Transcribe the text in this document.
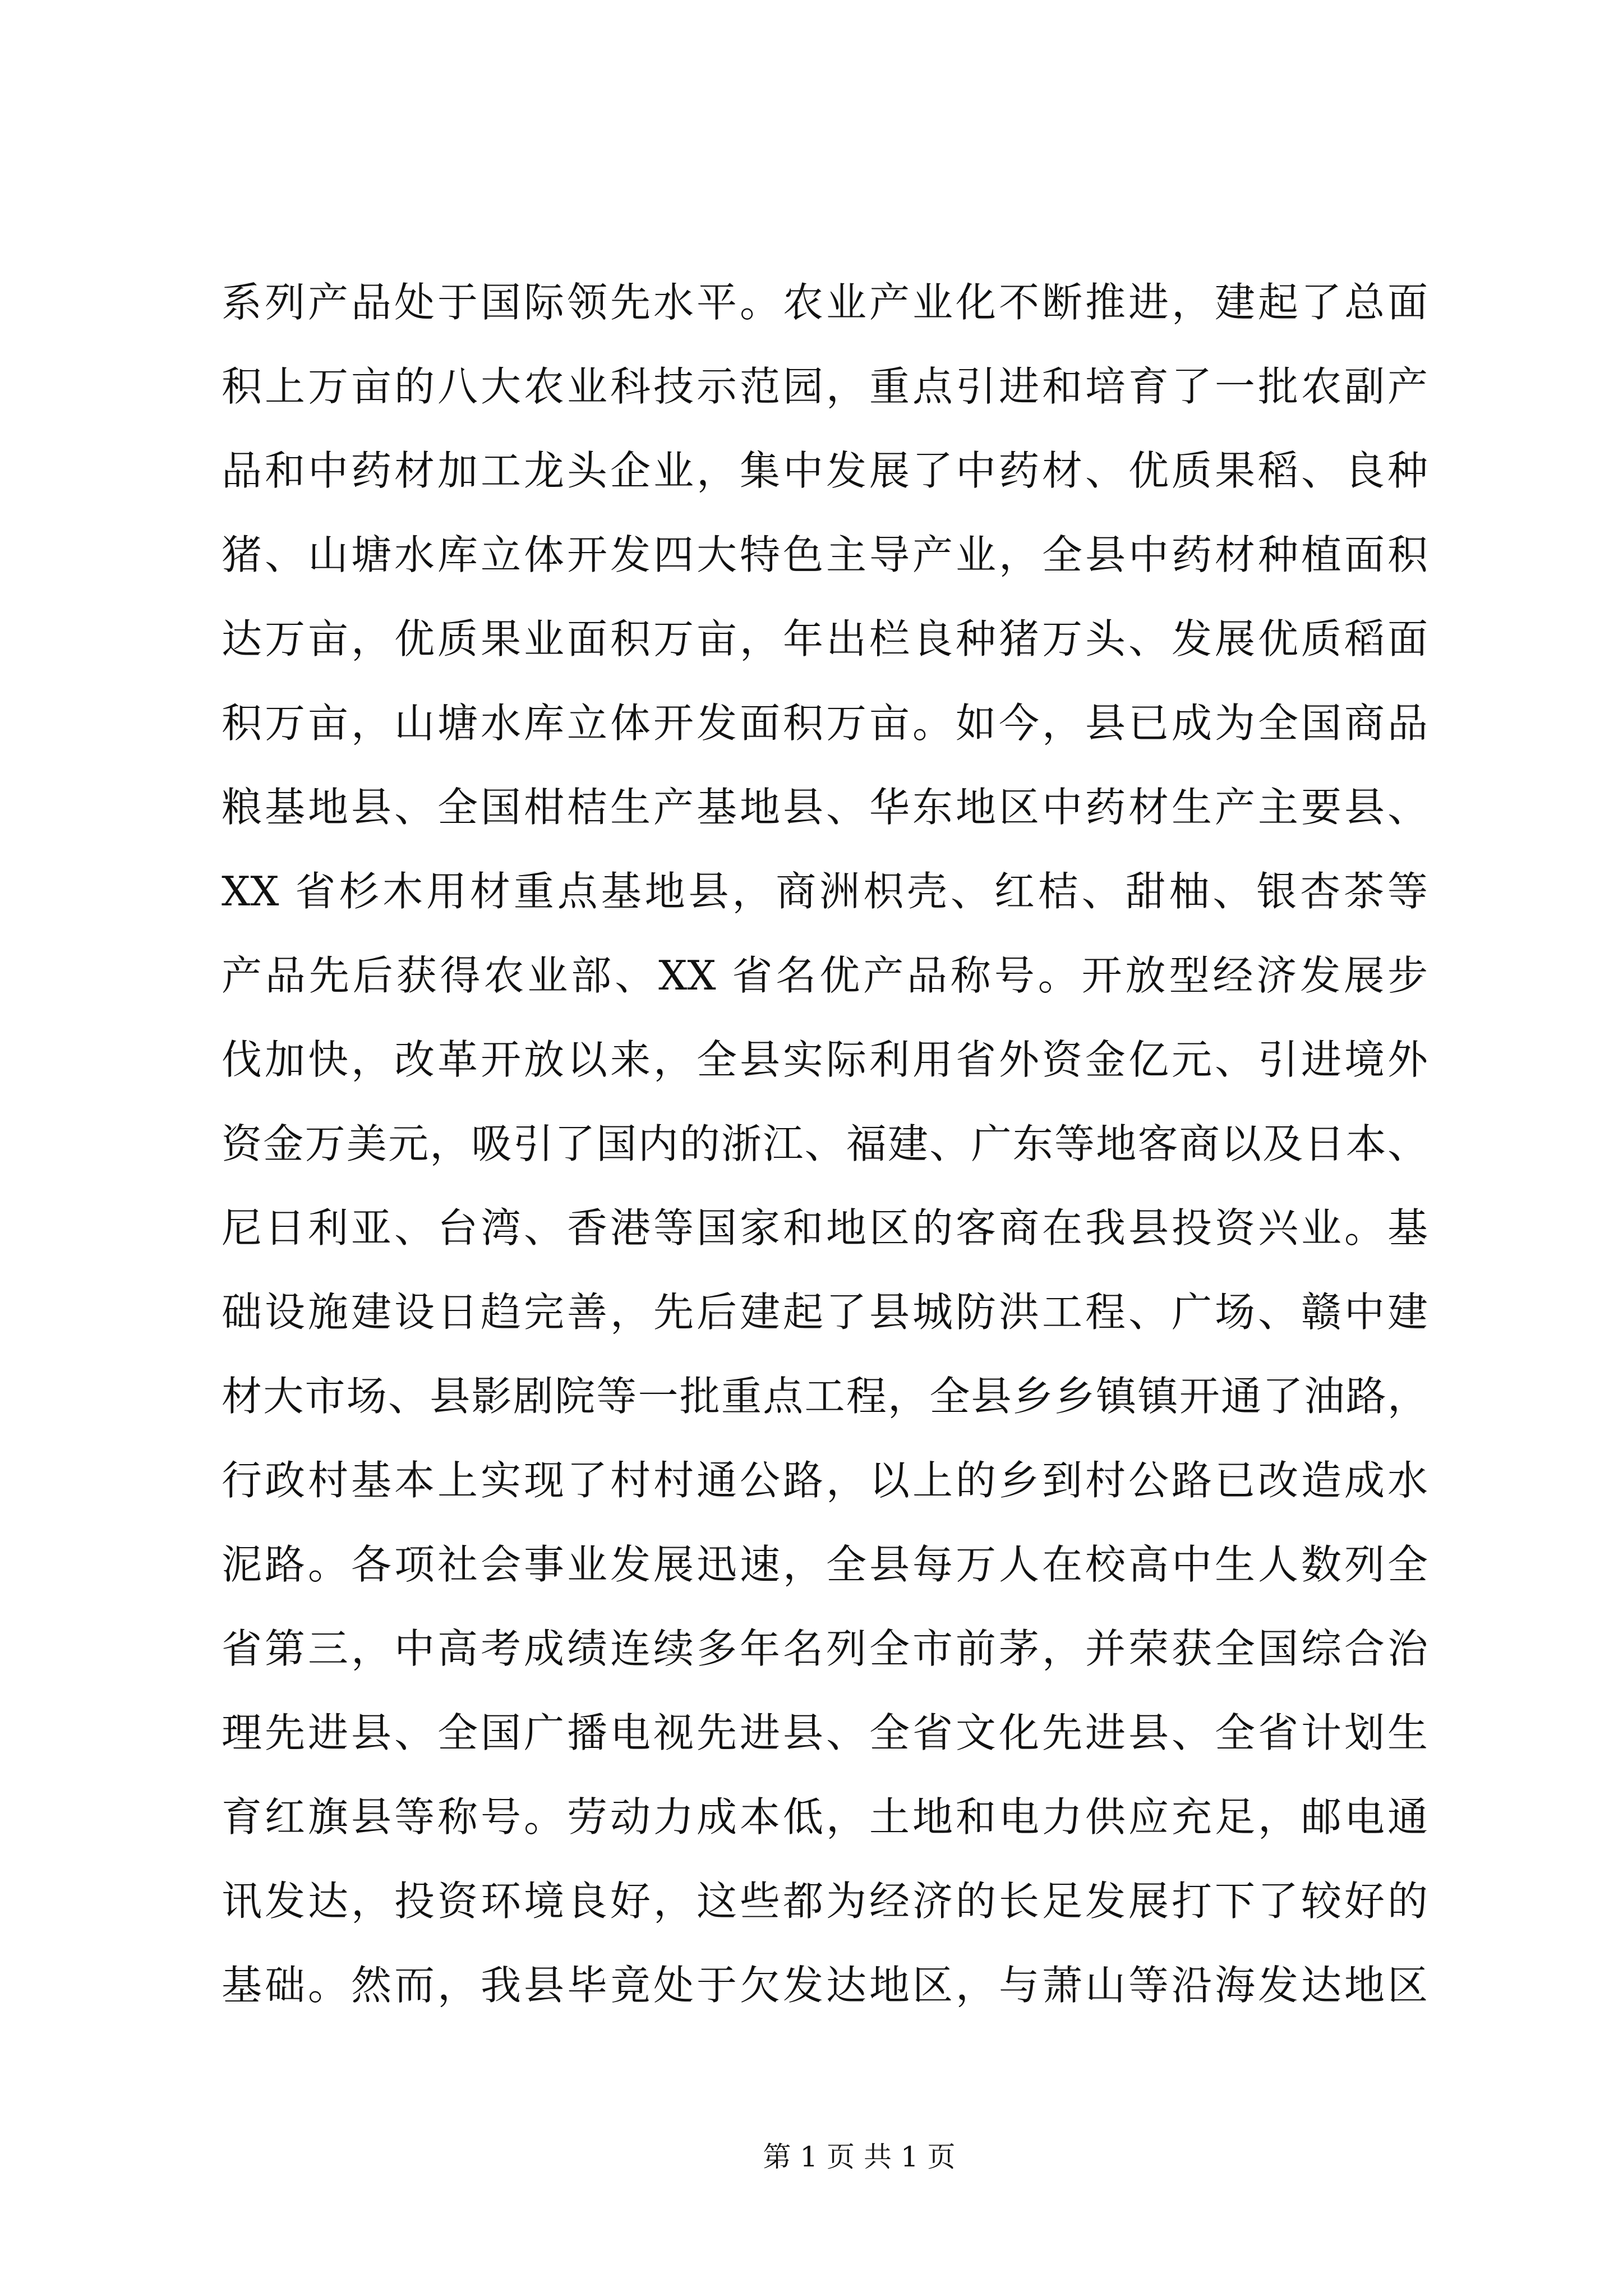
系列产品处于国际领先水平。农业产业化不断推进，建起了总面
积上万亩的八大农业科技示范园，重点引进和培育了一批农副产
品和中药材加工龙头企业，集中发展了中药材、优质果稻、良种
猪、山塘水库立体开发四大特色主导产业，全县中药材种植面积
达万亩，优质果业面积万亩，年出栏良种猪万头、发展优质稻面
积万亩，山塘水库立体开发面积万亩。如今，县已成为全国商品
粮基地县、全国柑桔生产基地县、华东地区中药材生产主要县、
XX 省杉木用材重点基地县，商洲枳壳、红桔、甜柚、银杏茶等
产品先后获得农业部、XX 省名优产品称号。开放型经济发展步
伐加快，改革开放以来，全县实际利用省外资金亿元、引进境外
资金万美元，吸引了国内的浙江、福建、广东等地客商以及日本、
尼日利亚、台湾、香港等国家和地区的客商在我县投资兴业。基
础设施建设日趋完善，先后建起了县城防洪工程、广场、赣中建
材大市场、县影剧院等一批重点工程，全县乡乡镇镇开通了油路，
行政村基本上实现了村村通公路，以上的乡到村公路已改造成水
泥路。各项社会事业发展迅速，全县每万人在校高中生人数列全
省第三，中高考成绩连续多年名列全市前茅，并荣获全国综合治
理先进县、全国广播电视先进县、全省文化先进县、全省计划生
育红旗县等称号。劳动力成本低，土地和电力供应充足，邮电通
讯发达，投资环境良好，这些都为经济的长足发展打下了较好的
基础。然而，我县毕竟处于欠发达地区，与萧山等沿海发达地区
第 1 页 共 1 页
